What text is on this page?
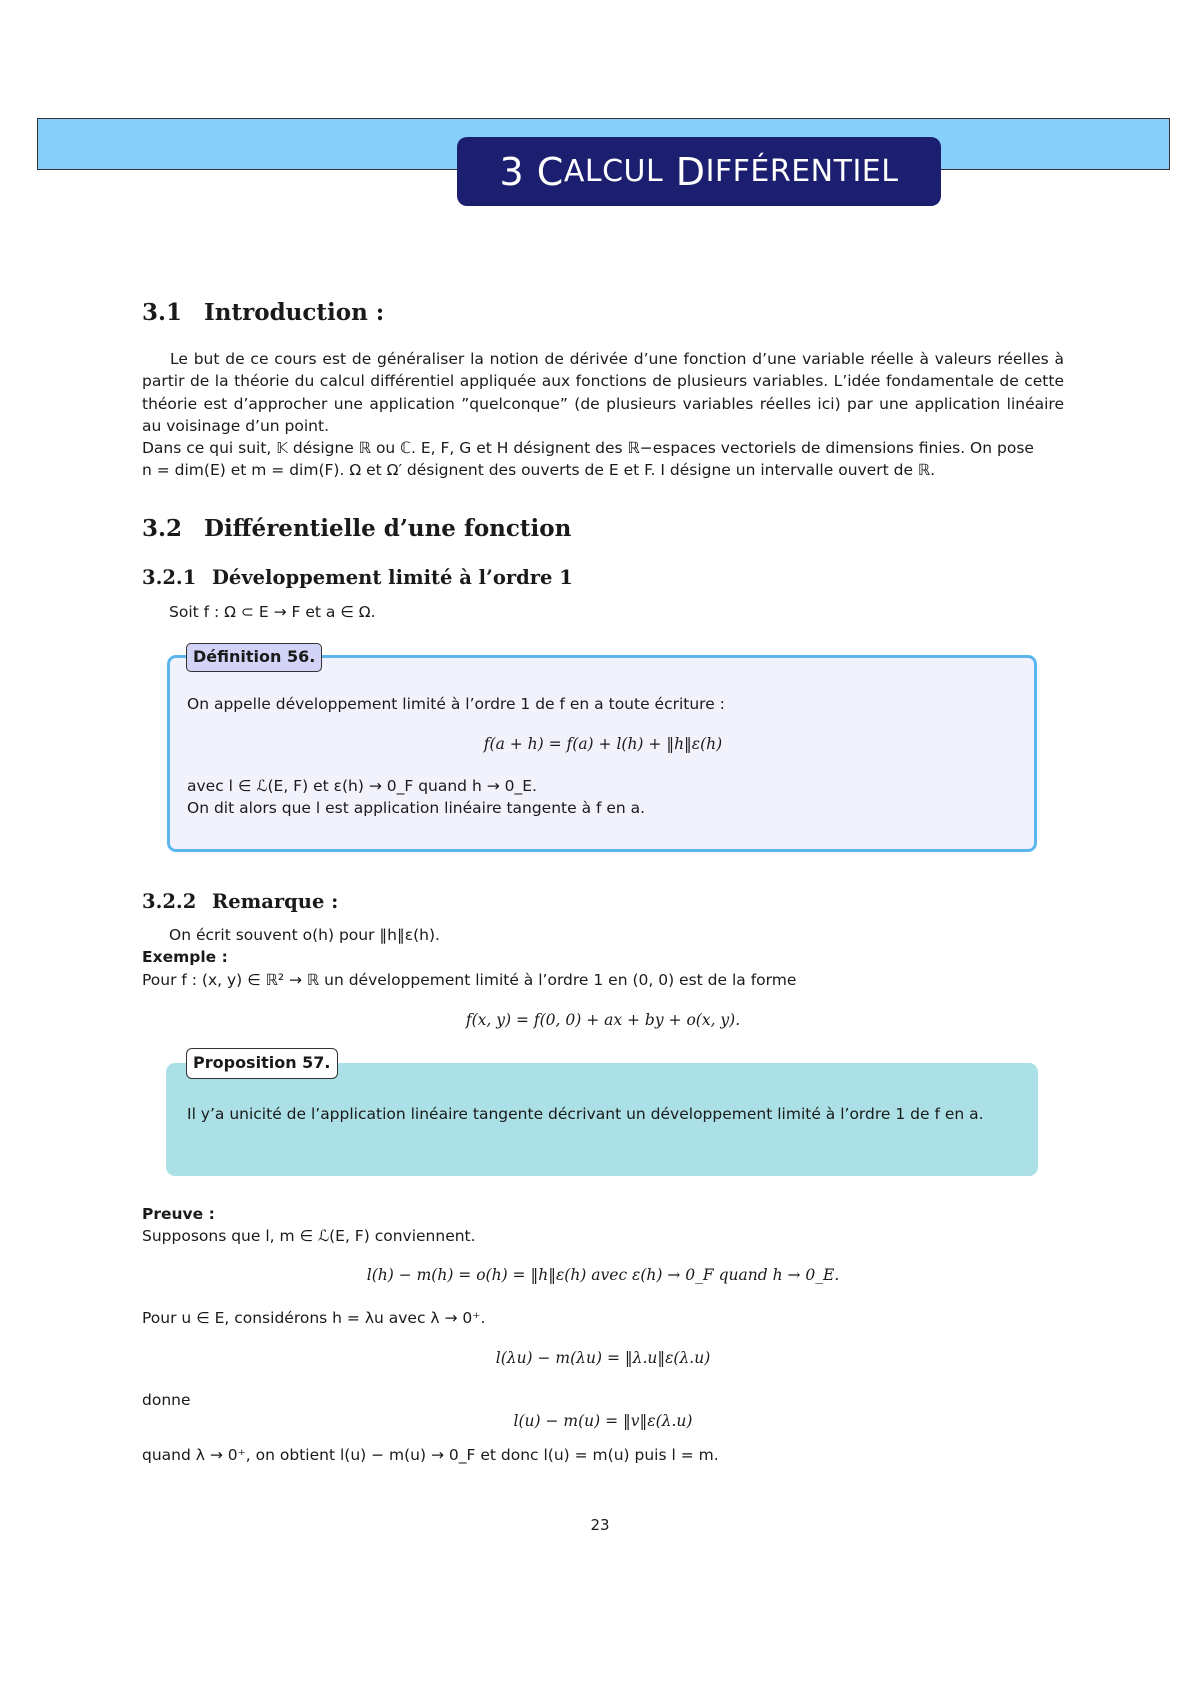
3
C ALCUL
D IFFÉRENTIEL
3.1 Introduction :
Le but de ce cours est de généraliser la notion de dérivée d’une fonction d’une variable réelle à valeurs réelles à partir de la théorie du calcul différentiel appliquée aux fonctions de plusieurs variables. L’idée fondamentale de cette théorie est d’approcher une application ”quelconque” (de plusieurs variables réelles ici) par une application linéaire au voisinage d’un point.
Dans ce qui suit, 𝕂 désigne ℝ ou ℂ. E, F, G et H désignent des ℝ−espaces vectoriels de dimensions finies. On pose
n = dim(E) et m = dim(F). Ω et Ω′ désignent des ouverts de E et F. I désigne un intervalle ouvert de ℝ.
3.2 Différentielle d’une fonction
3.2.1 Développement limité à l’ordre 1
Soit f : Ω ⊂ E → F et a ∈ Ω.
Définition 56.
On appelle développement limité à l’ordre 1 de f en a toute écriture :
f(a + h) = f(a) + l(h) + ‖h‖ε(h)
avec l ∈ ℒ(E, F) et ε(h) → 0_F quand h → 0_E.
On dit alors que l est application linéaire tangente à f en a.
3.2.2 Remarque :
On écrit souvent o(h) pour ‖h‖ε(h).
Exemple :
Pour f : (x, y) ∈ ℝ² → ℝ un développement limité à l’ordre 1 en (0, 0) est de la forme
f(x, y) = f(0, 0) + ax + by + o(x, y).
Proposition 57.
Il y’a unicité de l’application linéaire tangente décrivant un développement limité à l’ordre 1 de f en a.
Preuve :
Supposons que l, m ∈ ℒ(E, F) conviennent.
l(h) − m(h) = o(h) = ‖h‖ε(h) avec ε(h) → 0_F quand h → 0_E.
Pour u ∈ E, considérons h = λu avec λ → 0⁺.
l(λu) − m(λu) = ‖λ.u‖ε(λ.u)
donne
l(u) − m(u) = ‖v‖ε(λ.u)
quand λ → 0⁺, on obtient l(u) − m(u) → 0_F et donc l(u) = m(u) puis l = m.
23
